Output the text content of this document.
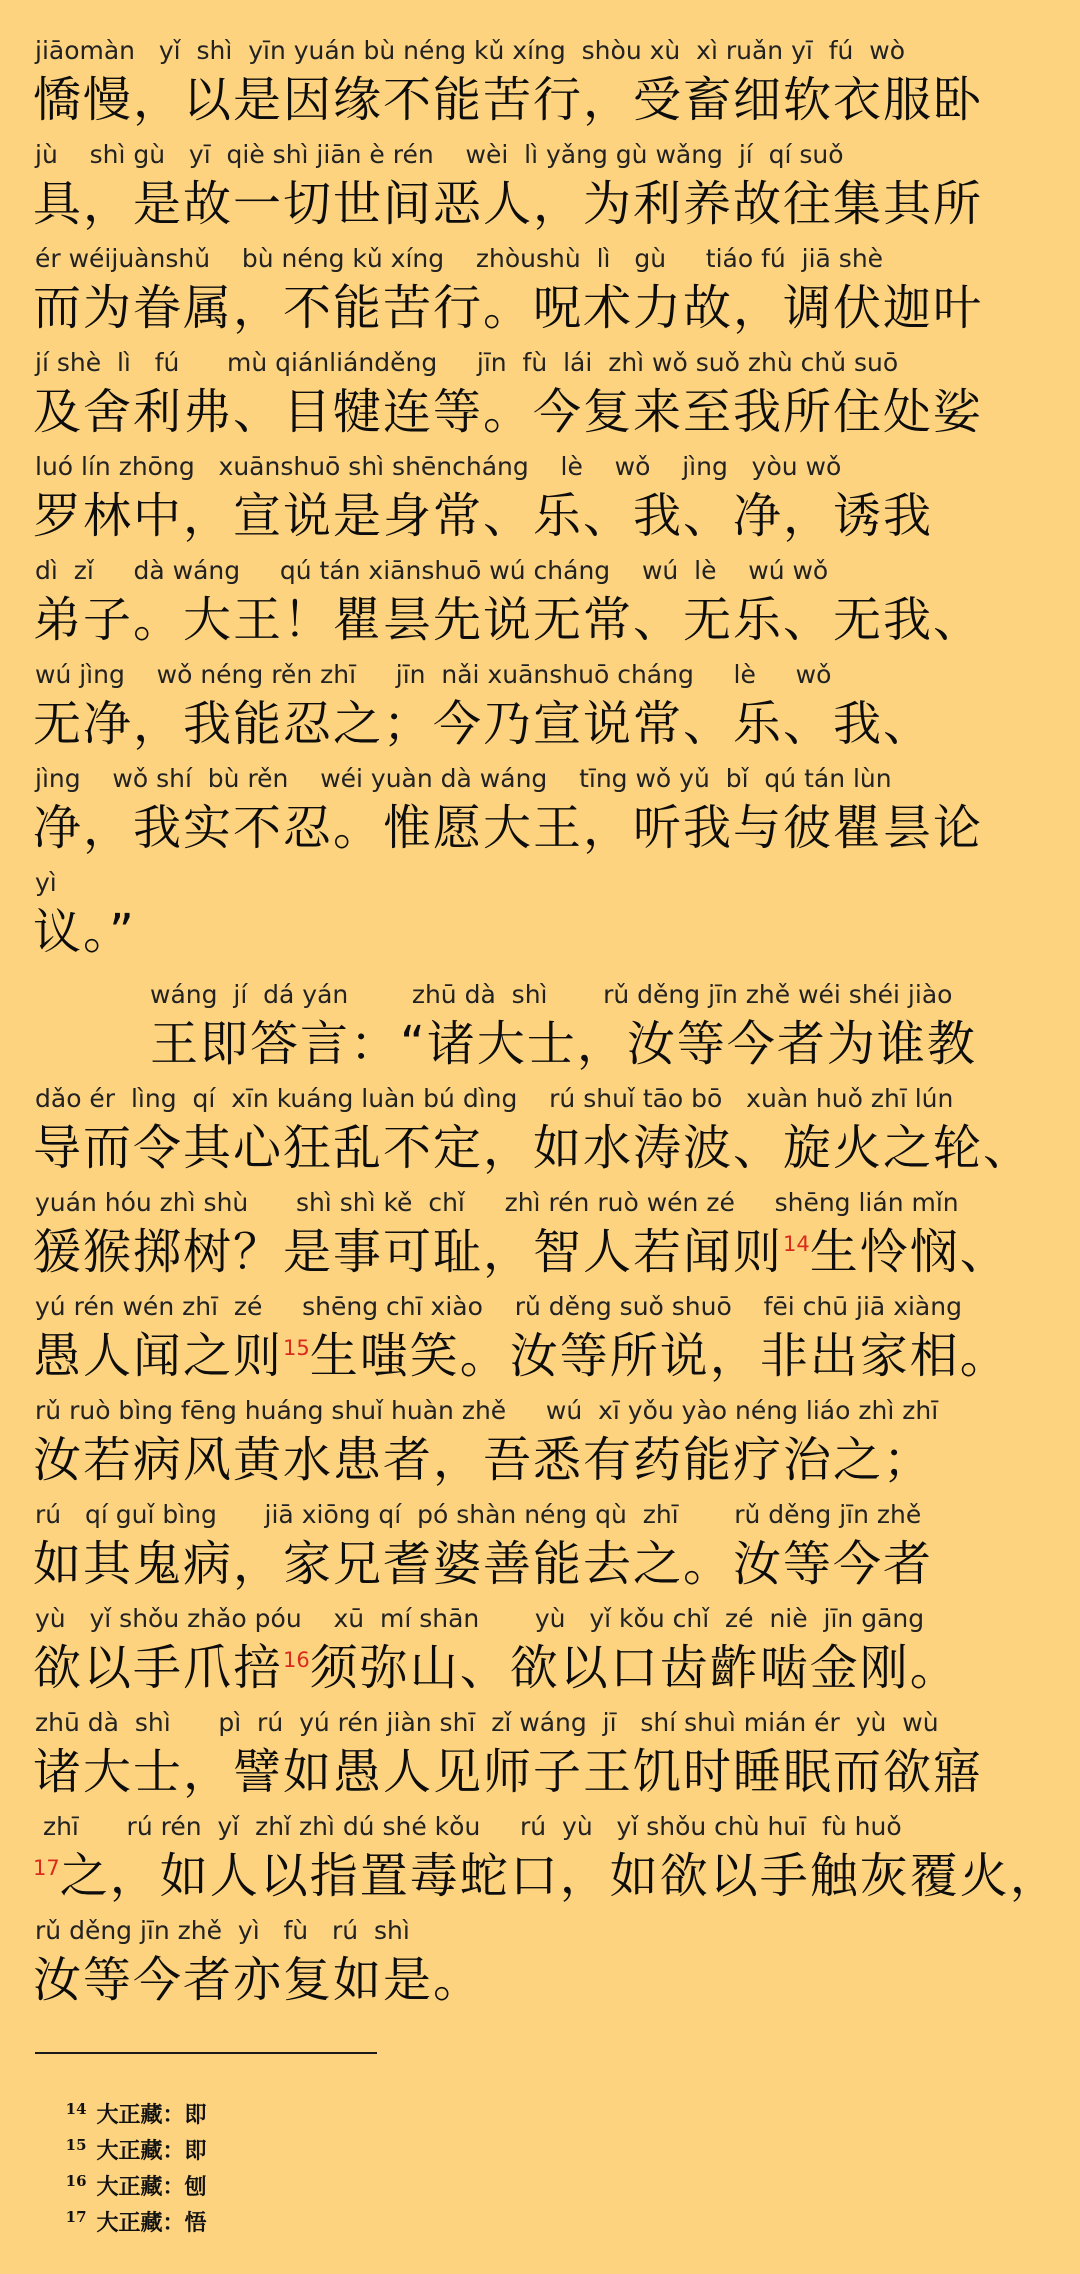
jiāomàn   yǐ  shì  yīn yuán bù néng kǔ xíng  shòu xù  xì ruǎn yī  fú  wò
憍慢，以是因缘不能苦行，受畜细软衣服卧
jù    shì gù   yī  qiè shì jiān è rén    wèi  lì yǎng gù wǎng  jí  qí suǒ
具，是故一切世间恶人，为利养故往集其所
ér wéijuànshǔ    bù néng kǔ xíng    zhòushù  lì   gù     tiáo fú  jiā shè
而为眷属，不能苦行。呪术力故，调伏迦叶
jí shè  lì   fú      mù qiánliánděng     jīn  fù  lái  zhì wǒ suǒ zhù chǔ suō
及舍利弗、目犍连等。今复来至我所住处娑
luó lín zhōng   xuānshuō shì shēncháng    lè    wǒ    jìng   yòu wǒ
罗林中，宣说是身常、乐、我、净，诱我
dì  zǐ     dà wáng     qú tán xiānshuō wú cháng    wú  lè    wú wǒ
弟子。大王！瞿昙先说无常、无乐、无我、
wú jìng    wǒ néng rěn zhī     jīn  nǎi xuānshuō cháng     lè     wǒ
无净，我能忍之；今乃宣说常、乐、我、
jìng    wǒ shí  bù rěn    wéi yuàn dà wáng    tīng wǒ yǔ  bǐ  qú tán lùn
净，我实不忍。惟愿大王，听我与彼瞿昙论
yì
议。”
wáng  jí  dá yán        zhū dà  shì       rǔ děng jīn zhě wéi shéi jiào
王即答言：“诸大士，汝等今者为谁教
dǎo ér  lìng  qí  xīn kuáng luàn bú dìng    rú shuǐ tāo bō   xuàn huǒ zhī lún
导而令其心狂乱不定，如水涛波、旋火之轮、
yuán hóu zhì shù      shì shì kě  chǐ     zhì rén ruò wén zé     shēng lián mǐn
猨猴掷树？是事可耻，智人若闻则$^{14}$生怜悯、
yú rén wén zhī  zé     shēng chī xiào    rǔ děng suǒ shuō    fēi chū jiā xiàng
愚人闻之则$^{15}$生嗤笑。汝等所说，非出家相。
rǔ ruò bìng fēng huáng shuǐ huàn zhě     wú  xī yǒu yào néng liáo zhì zhī
汝若病风黄水患者，吾悉有药能疗治之；
rú   qí guǐ bìng      jiā xiōng qí  pó shàn néng qù  zhī       rǔ děng jīn zhě
如其鬼病，家兄耆婆善能去之。汝等今者
yù   yǐ shǒu zhǎo póu    xū  mí shān       yù   yǐ kǒu chǐ  zé  niè  jīn gāng
欲以手爪掊$^{16}$须弥山、欲以口齿齚啮金刚。
zhū dà  shì      pì  rú  yú rén jiàn shī  zǐ wáng  jī   shí shuì mián ér  yù  wù
诸大士，譬如愚人见师子王饥时睡眠而欲寤
zhī      rú rén  yǐ  zhǐ zhì dú shé kǒu     rú  yù   yǐ shǒu chù huī  fù huǒ
$^{17}$之，如人以指置毒蛇口，如欲以手触灰覆火，
rǔ děng jīn zhě  yì   fù   rú  shì
汝等今者亦复如是。

$^{14}$ 大正藏：即

$^{15}$ 大正藏：即

$^{16}$ 大正藏：刨

$^{17}$ 大正藏：悟
